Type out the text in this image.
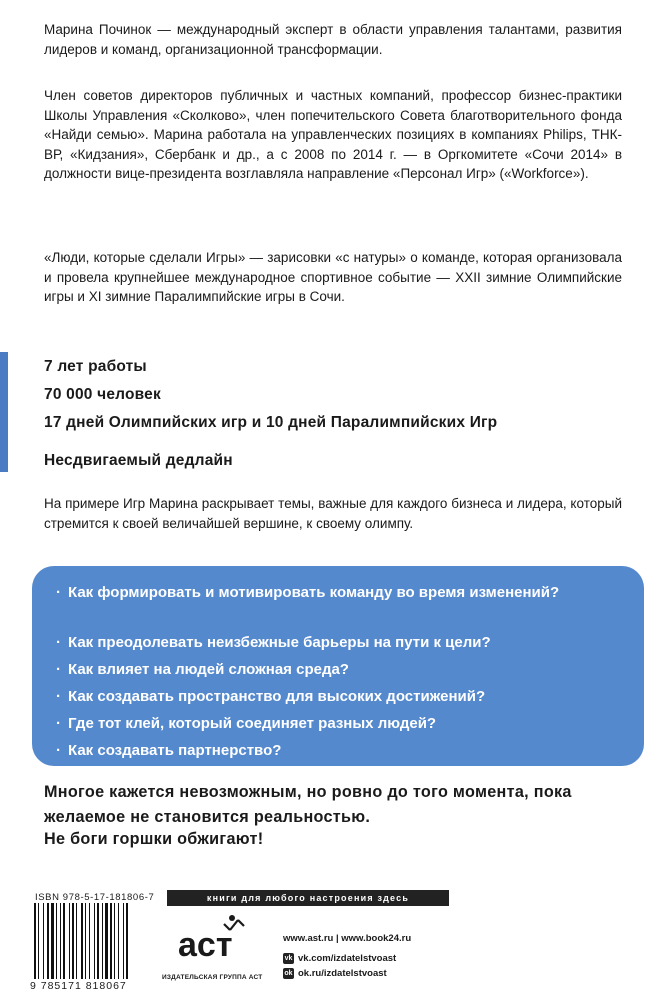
Марина Починок — международный эксперт в области управления талантами, развития лидеров и команд, организационной трансформации.

Член советов директоров публичных и частных компаний, профессор бизнес-практики Школы Управления «Сколково», член попечительского Совета благотворительного фонда «Найди семью». Марина работала на управленческих позициях в компаниях Philips, ТНК-ВР, «Кидзания», Сбербанк и др., а с 2008 по 2014 г. — в Оргкомитете «Сочи 2014» в должности вице-президента возглавляла направление «Персонал Игр» («Workforce»).

«Люди, которые сделали Игры» — зарисовки «с натуры» о команде, которая организовала и провела крупнейшее международное спортивное событие — XXII зимние Олимпийские игры и XI зимние Паралимпийские игры в Сочи.

7 лет работы

70 000 человек

17 дней Олимпийских игр и 10 дней Паралимпийских Игр

Несдвигаемый дедлайн

На примере Игр Марина раскрывает темы, важные для каждого бизнеса и лидера, который стремится к своей величайшей вершине, к своему олимпу.

· Как формировать и мотивировать команду во время изменений?

· Как преодолевать неизбежные барьеры на пути к цели?

· Как влияет на людей сложная среда?

· Как создавать пространство для высоких достижений?

· Где тот клей, который соединяет разных людей?

· Как создавать партнерство?

Многое кажется невозможным, но ровно до того момента, пока желаемое не становится реальностью.

Не боги горшки обжигают!

ISBN 978-5-17-181806-7
9 785171 818067
книги для любого настроения здесь
аст
ИЗДАТЕЛЬСКАЯ ГРУППА АСТ
www.ast.ru | www.book24.ru
vk vk.com/izdatelstvoast
ok ok.ru/izdatelstvoast
